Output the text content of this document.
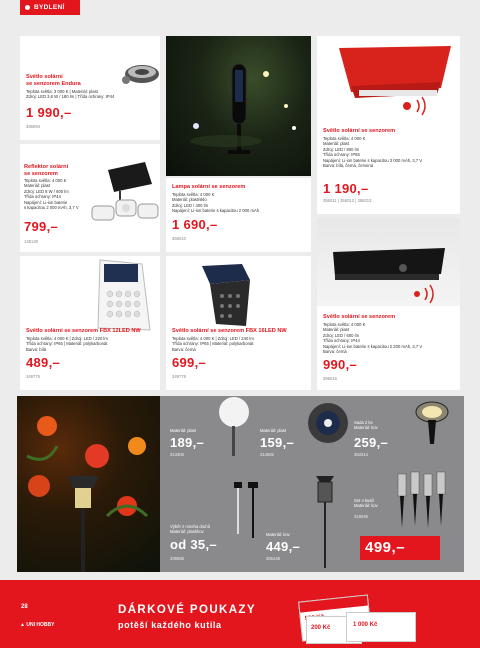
BYDLENÍ
Světlo solární
se senzorem Endura
Teplota světla: 3 000 K | Materiál: plast
Zdroj: LED 3,6 W / 180 lm | Třída ochrany: IP44
1 990,–
355994
Reflektor solární
se senzorem
Teplota světla: 4 000 K
Materiál: plast
Zdroj: LED 8 W / 600 lm
Třída ochrany: IP44
Napájení: Li-ion baterie
s kapacitou 2 000 mAh, 3,7 V
799,–
148130
Lampa solární se senzorem
Teplota světla: 4 000 K
Materiál: plast/sklo
Zdroj: LED / 400 lm
Napájení: Li-ion baterie s kapacitou 2 000 mAh
1 690,–
356010
Světlo solární se senzorem
Teplota světla: 4 000 K
Materiál: plast
Zdroj: LED / 800 lm
Třída ochrany: IP65
Napájení: Li-ion baterie s kapacitou 3 000 mAh, 3,7 V
Barva: bílá, černá, červená
1 190,–
356011 | 356012 | 356013
Světlo solární se senzorem FBX 12LED NW
Teplota světla: 4 000 K | Zdroj: LED / 220 lm
Třída ochrany: IP65 | Materiál: polykarbonát
Barva: bílá
489,–
349775
Světlo solární se senzorem FBX 16LED NW
Teplota světla: 4 000 K | Zdroj: LED / 240 lm
Třída ochrany: IP65 | Materiál: polykarbonát
Barva: černá
699,–
349778
Světlo solární se senzorem
Teplota světla: 4 000 K
Materiál: plast
Zdroj: LED / 600 lm
Třída ochrany: IP44
Napájení: Li-ion baterie s kapacitou 2 200 mAh, 3,7 V
Barva: černá
990,–
356016
Materiál: plast
189,–
313306
Materiál: plast
159,–
314582
Sada 2 ks
Materiál: kov
259,–
353314
Výběr z mnoha druhů
Materiál: plast/kov
od 35,–
339685
Materiál: kov
449,–
355448
Set 4 kusů
Materiál: kov
319045
499,–
28
▲ UNI HOBBY
DÁRKOVÉ POUKAZY
potěší každého kutila	200 Kč	1 000 Kč
